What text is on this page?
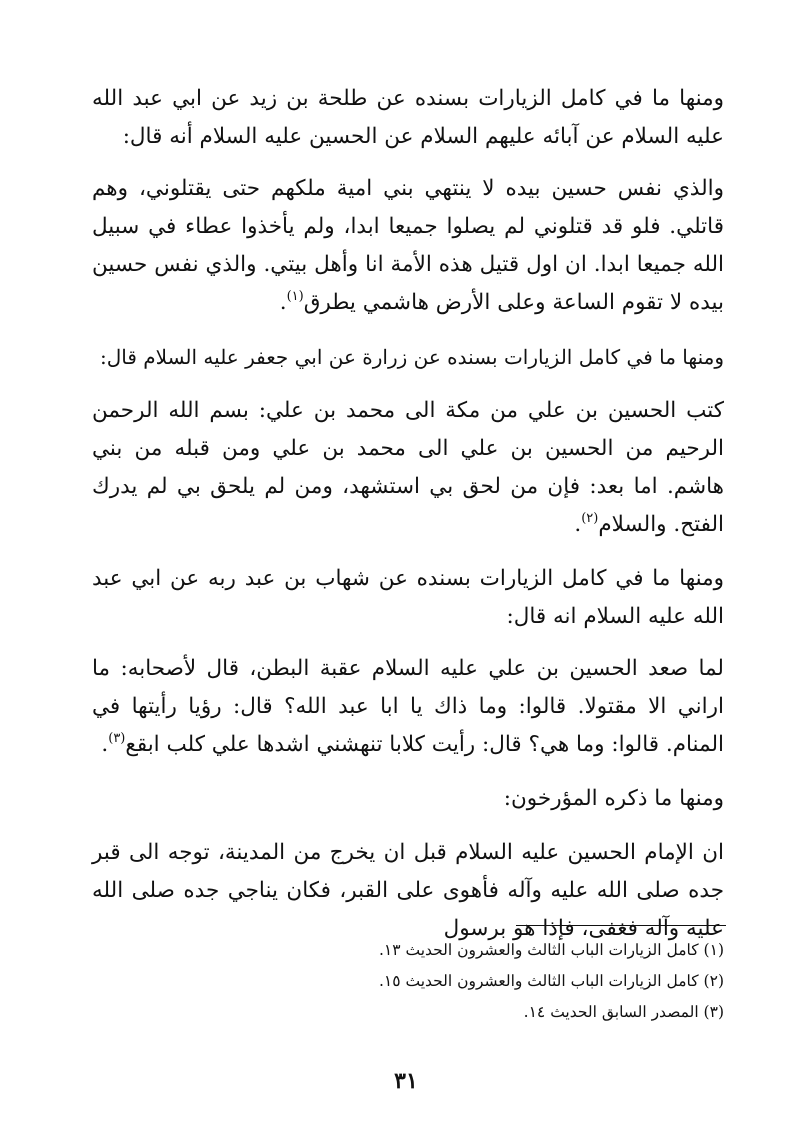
ومنها ما في كامل الزيارات بسنده عن طلحة بن زيد عن ابي عبد الله عليه السلام عن آبائه عليهم السلام عن الحسين عليه السلام أنه قال:

والذي نفس حسين بيده لا ينتهي بني امية ملكهم حتى يقتلوني، وهم قاتلي. فلو قد قتلوني لم يصلوا جميعا ابدا، ولم يأخذوا عطاء في سبيل الله جميعا ابدا. ان اول قتيل هذه الأمة انا وأهل بيتي. والذي نفس حسين بيده لا تقوم الساعة وعلى الأرض هاشمي يطرق$^{(١)}$.

ومنها ما في كامل الزيارات بسنده عن زرارة عن ابي جعفر عليه السلام قال:

كتب الحسين بن علي من مكة الى محمد بن علي: بسم الله الرحمن الرحيم من الحسين بن علي الى محمد بن علي ومن قبله من بني هاشم. اما بعد: فإن من لحق بي استشهد، ومن لم يلحق بي لم يدرك الفتح. والسلام$^{(٢)}$.

ومنها ما في كامل الزيارات بسنده عن شهاب بن عبد ربه عن ابي عبد الله عليه السلام انه قال:

لما صعد الحسين بن علي عليه السلام عقبة البطن، قال لأصحابه: ما اراني الا مقتولا. قالوا: وما ذاك يا ابا عبد الله؟ قال: رؤيا رأيتها في المنام. قالوا: وما هي؟ قال: رأيت كلابا تنهشني اشدها علي كلب ابقع$^{(٣)}$.

ومنها ما ذكره المؤرخون:

ان الإمام الحسين عليه السلام قبل ان يخرج من المدينة، توجه الى قبر جده صلى الله عليه وآله فأهوى على القبر، فكان يناجي جده صلى الله عليه وآله فغفى، فإذا هو برسول

(١) كامل الزيارات الباب الثالث والعشرون الحديث ١٣.
(٢) كامل الزيارات الباب الثالث والعشرون الحديث ١٥.
(٣) المصدر السابق الحديث ١٤.
٣١
